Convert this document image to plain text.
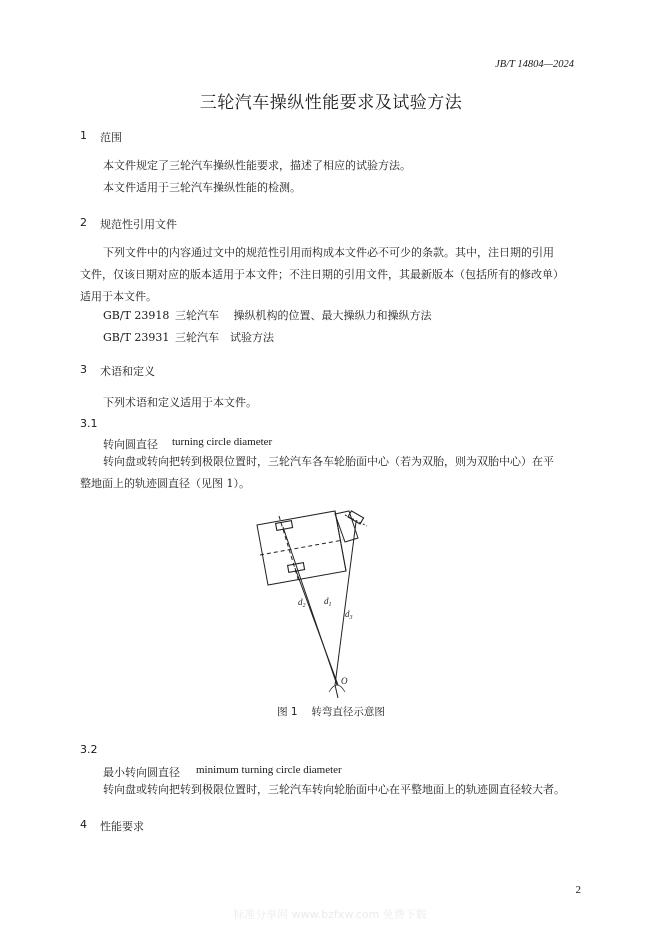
JB/T 14804—2024
三轮汽车操纵性能要求及试验方法
1 范围
本文件规定了三轮汽车操纵性能要求，描述了相应的试验方法。
本文件适用于三轮汽车操纵性能的检测。
2 规范性引用文件
下列文件中的内容通过文中的规范性引用而构成本文件必不可少的条款。其中，注日期的引用
文件，仅该日期对应的版本适用于本文件；不注日期的引用文件，其最新版本（包括所有的修改单）
适用于本文件。
GB/T 23918 三轮汽车　 操纵机构的位置、最大操纵力和操纵方法
GB/T 23931 三轮汽车　试验方法
3 术语和定义
下列术语和定义适用于本文件。
3.1
转向圆直径 turning circle diameter
转向盘或转向把转到极限位置时，三轮汽车各车轮胎面中心（若为双胎，则为双胎中心）在平
整地面上的轨迹圆直径（见图 1）。
$d_2$ $d_1$
$d_3$
O
图 1　 转弯直径示意图
3.2
最小转向圆直径 minimum turning circle diameter
转向盘或转向把转到极限位置时，三轮汽车转向轮胎面中心在平整地面上的轨迹圆直径较大者。
4 性能要求
2
标准分享网 www.bzfxw.com 免费下载
